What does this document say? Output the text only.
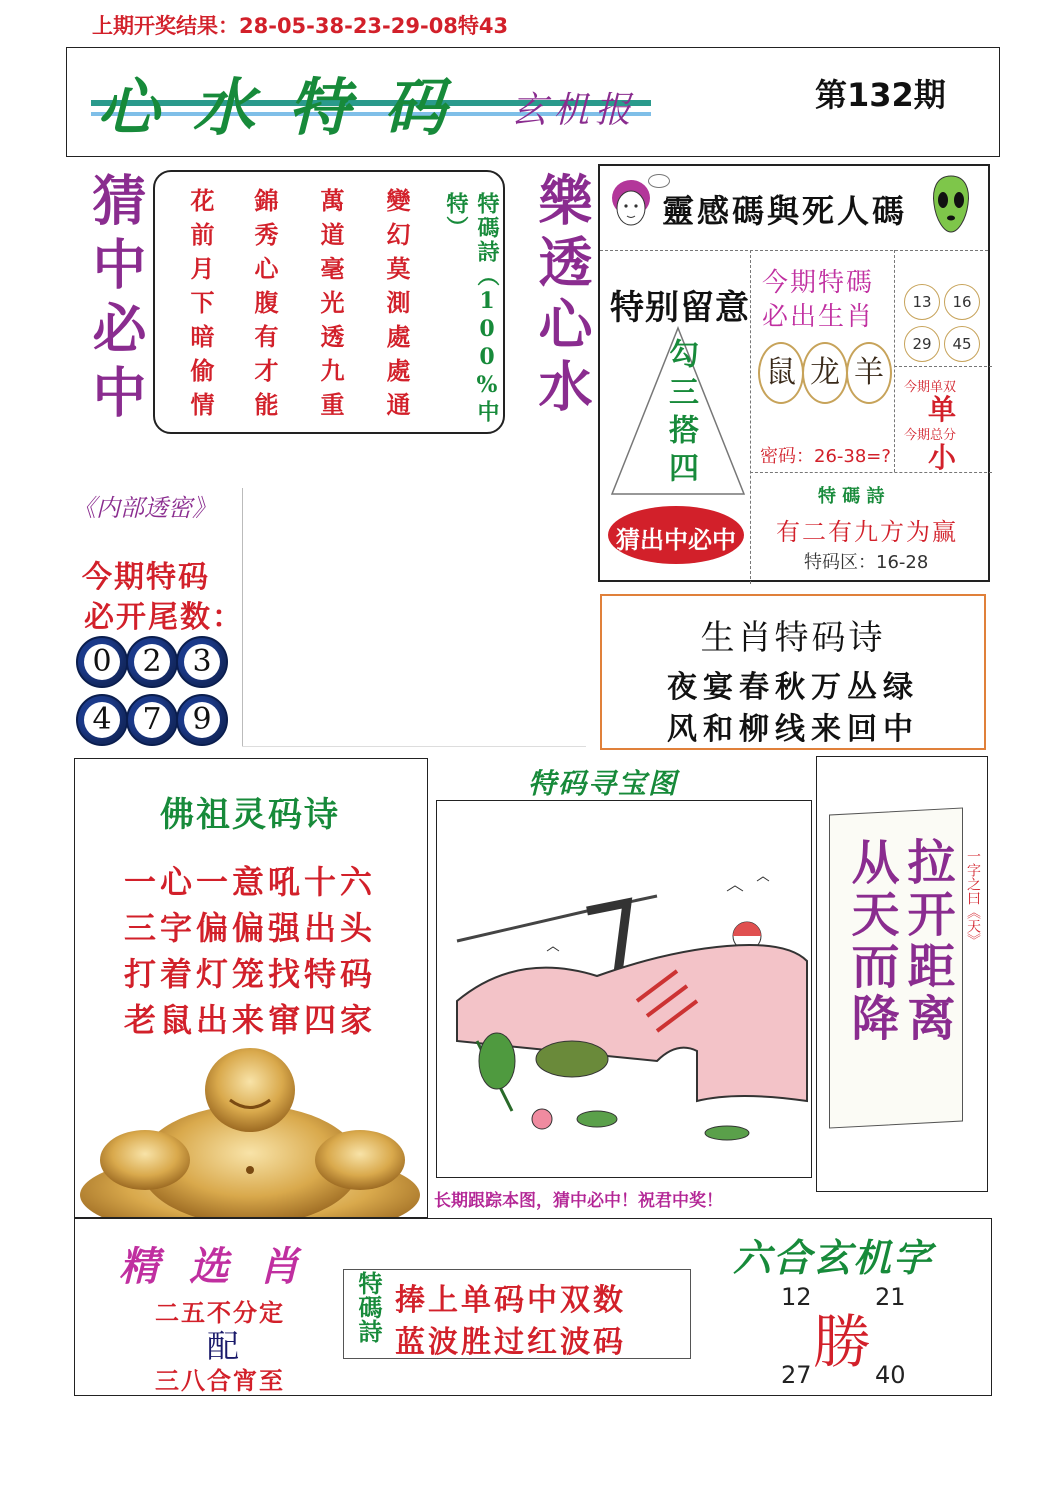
上期开奖结果：28-05-38-23-29-08特43
心 水 特 码 玄机报	第132期
猜中必中 花前月下暗偷情 錦秀心腹有才能 萬道毫光透九重 變幻莫測處處通	特碼詩（100%中特）	樂透心水 靈感碼與死人碼
特别留意
勾三搭四
猜出中必中
今期特碼
必出生肖
鼠 龙 羊
密码：26-38=?
13	16
29	45
今期单双
单
今期总分
小
特 碼 詩
有二有九方为赢
特码区：16-28
《内部透密》
今期特码
必开尾数：
0 2 3
4 7 9
生肖特码诗
夜宴春秋万丛绿
风和柳线来回中
佛祖灵码诗
一心一意吼十六
三字偏偏强出头
打着灯笼找特码
老鼠出来窜四家
特码寻宝图
长期跟踪本图，猜中必中！祝君中奖！
从天而降 拉开距离 一字之曰《天》
精 选 肖
二五不分定
配
三八合宵至
特碼詩 捧上单码中双数
蓝波胜过红波码
六合玄机字
12	21
勝
27	40
